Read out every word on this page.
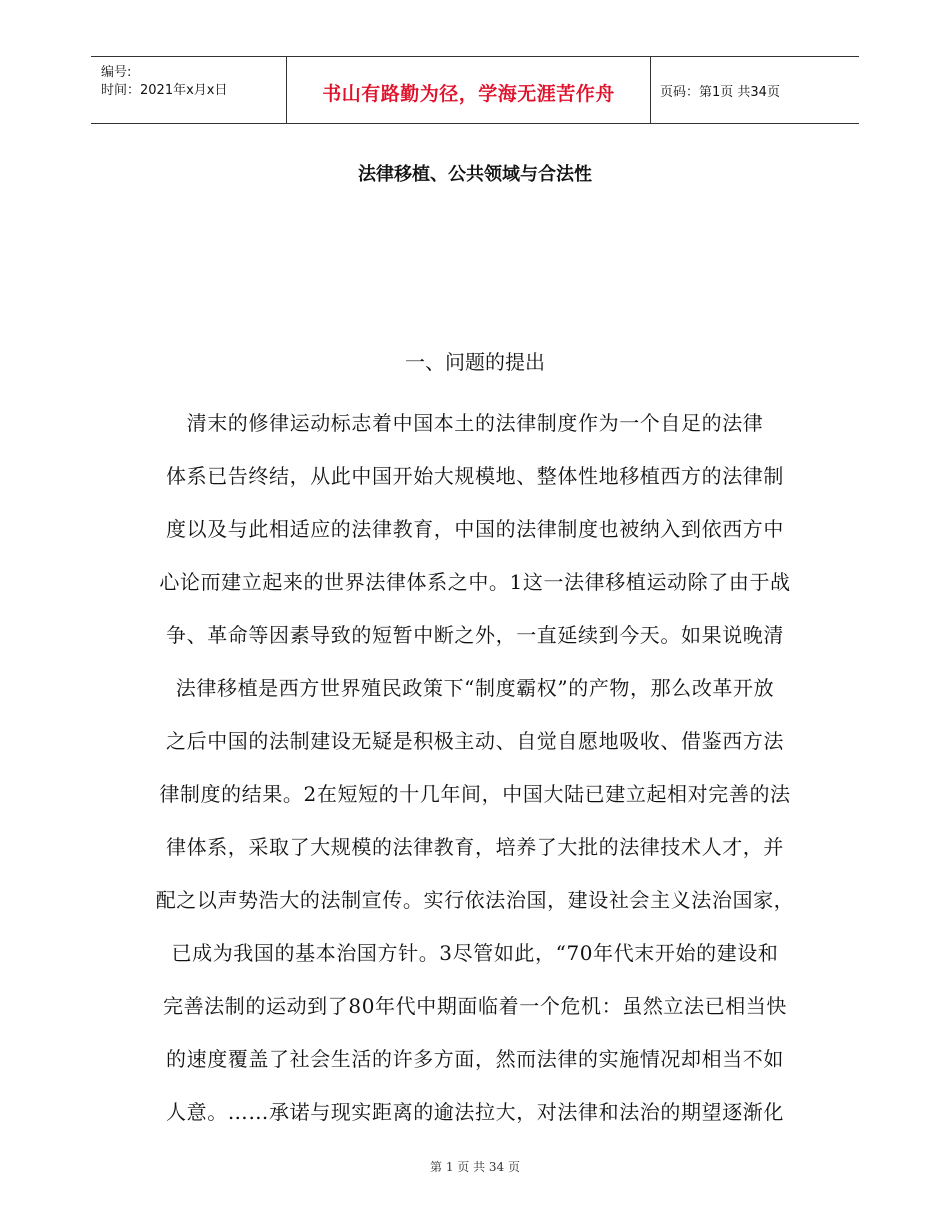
编号:
时间：2021年x月x日	书山有路勤为径，学海无涯苦作舟	页码：第1页 共34页
法律移植、公共领域与合法性
一、问题的提出
清末的修律运动标志着中国本土的法律制度作为一个自足的法律
体系已告终结，从此中国开始大规模地、整体性地移植西方的法律制
度以及与此相适应的法律教育，中国的法律制度也被纳入到依西方中
心论而建立起来的世界法律体系之中。1这一法律移植运动除了由于战
争、革命等因素导致的短暂中断之外，一直延续到今天。如果说晚清
法律移植是西方世界殖民政策下“制度霸权”的产物，那么改革开放
之后中国的法制建设无疑是积极主动、自觉自愿地吸收、借鉴西方法
律制度的结果。2在短短的十几年间，中国大陆已建立起相对完善的法
律体系，采取了大规模的法律教育，培养了大批的法律技术人才，并
配之以声势浩大的法制宣传。实行依法治国，建设社会主义法治国家，
已成为我国的基本治国方针。3尽管如此，“70年代末开始的建设和
完善法制的运动到了80年代中期面临着一个危机：虽然立法已相当快
的速度覆盖了社会生活的许多方面，然而法律的实施情况却相当不如
人意。……承诺与现实距离的逾法拉大，对法律和法治的期望逐渐化
第 1 页 共 34 页
